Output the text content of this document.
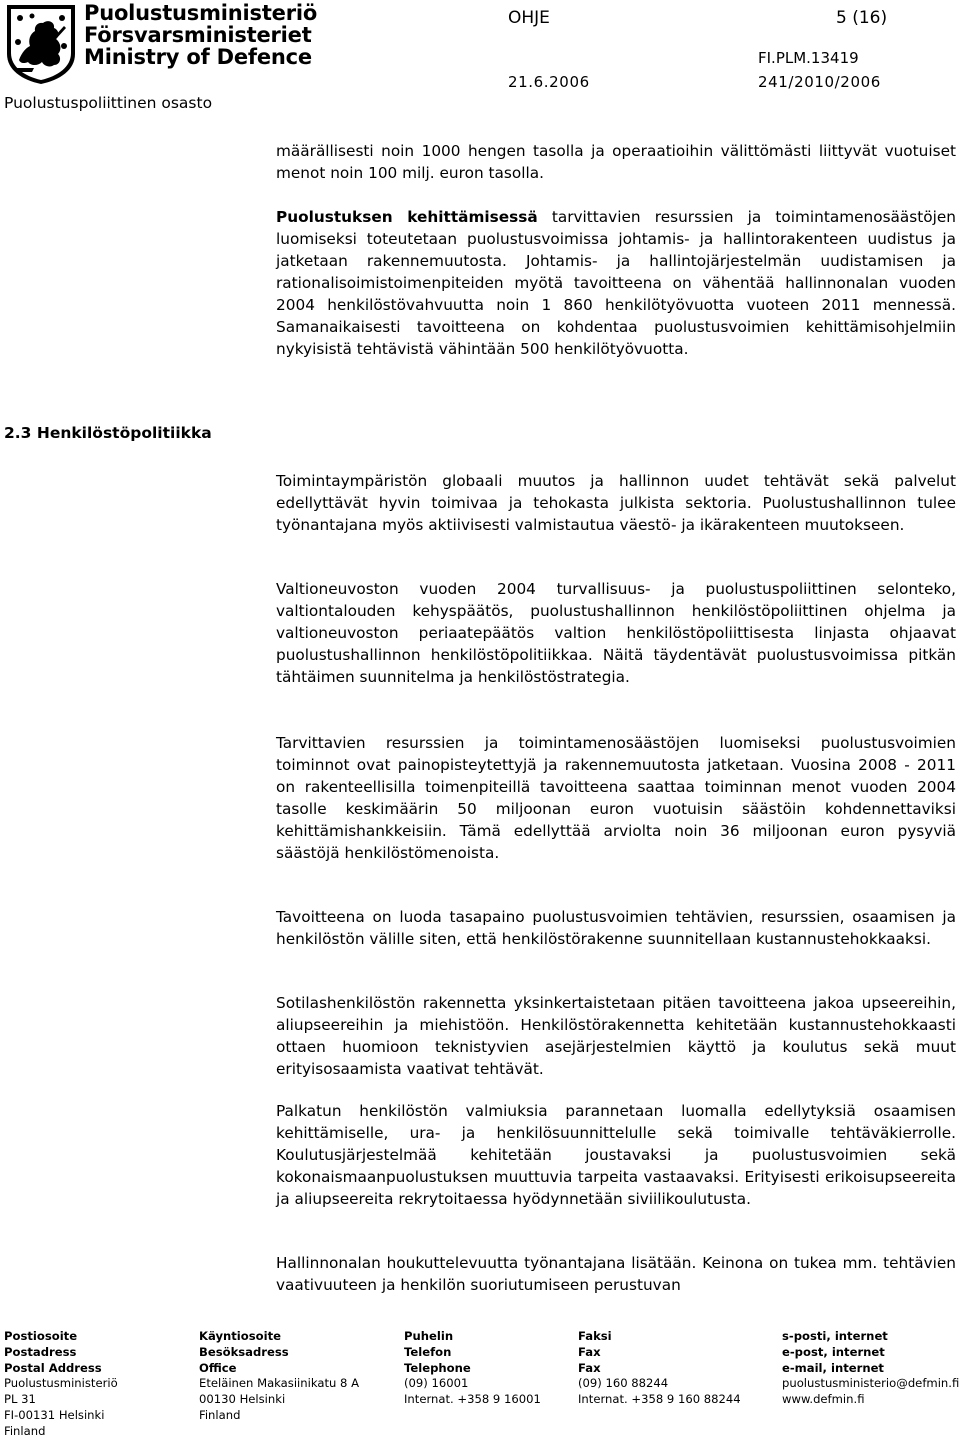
Puolustusministeriö
Försvarsministeriet
Ministry of Defence
Puolustuspoliittinen osasto
OHJE	5 (16)
FI.PLM.13419
21.6.2006	241/2010/2006
määrällisesti noin 1000 hengen tasolla ja operaatioihin välittömästi liittyvät vuotuiset menot noin 100 milj. euron tasolla.
Puolustuksen kehittämisessä tarvittavien resurssien ja toimintamenosäästöjen luomiseksi toteutetaan puolustusvoimissa johtamis- ja hallintorakenteen uudistus ja jatketaan rakennemuutosta. Johtamis- ja hallintojärjestelmän uudistamisen ja rationalisoimistoimenpiteiden myötä tavoitteena on vähentää hallinnonalan vuoden 2004 henkilöstövahvuutta noin 1 860 henkilötyövuotta vuoteen 2011 mennessä. Samanaikaisesti tavoitteena on kohdentaa puolustusvoimien kehittämisohjelmiin nykyisistä tehtävistä vähintään 500 henkilötyövuotta.
2.3 Henkilöstöpolitiikka
Toimintaympäristön globaali muutos ja hallinnon uudet tehtävät sekä palvelut edellyttävät hyvin toimivaa ja tehokasta julkista sektoria. Puolustushallinnon tulee työnantajana myös aktiivisesti valmistautua väestö- ja ikärakenteen muutokseen.
Valtioneuvoston vuoden 2004 turvallisuus- ja puolustuspoliittinen selonteko, valtiontalouden kehyspäätös, puolustushallinnon henkilöstöpoliittinen ohjelma ja valtioneuvoston periaatepäätös valtion henkilöstöpoliittisesta linjasta ohjaavat puolustushallinnon henkilöstöpolitiikkaa. Näitä täydentävät puolustusvoimissa pitkän tähtäimen suunnitelma ja henkilöstöstrategia.
Tarvittavien resurssien ja toimintamenosäästöjen luomiseksi puolustusvoimien toiminnot ovat painopisteytettyjä ja rakennemuutosta jatketaan. Vuosina 2008 - 2011 on rakenteellisilla toimenpiteillä tavoitteena saattaa toiminnan menot vuoden 2004 tasolle keskimäärin 50 miljoonan euron vuotuisin säästöin kohdennettaviksi kehittämishankkeisiin. Tämä edellyttää arviolta noin 36 miljoonan euron pysyviä säästöjä henkilöstömenoista.
Tavoitteena on luoda tasapaino puolustusvoimien tehtävien, resurssien, osaamisen ja henkilöstön välille siten, että henkilöstörakenne suunnitellaan kustannustehokkaaksi.
Sotilashenkilöstön rakennetta yksinkertaistetaan pitäen tavoitteena jakoa upseereihin, aliupseereihin ja miehistöön. Henkilöstörakennetta kehitetään kustannustehokkaasti ottaen huomioon teknistyvien asejärjestelmien käyttö ja koulutus sekä muut erityisosaamista vaativat tehtävät.
Palkatun henkilöstön valmiuksia parannetaan luomalla edellytyksiä osaamisen kehittämiselle, ura- ja henkilösuunnittelulle sekä toimivalle tehtäväkierrolle. Koulutusjärjestelmää kehitetään joustavaksi ja puolustusvoimien sekä kokonaismaanpuolustuksen muuttuvia tarpeita vastaavaksi. Erityisesti erikoisupseereita ja aliupseereita rekrytoitaessa hyödynnetään siviilikoulutusta.
Hallinnonalan houkuttelevuutta työnantajana lisätään. Keinona on tukea mm. tehtävien vaativuuteen ja henkilön suoriutumiseen perustuvan
Postiosoite
Postadress
Postal Address
Puolustusministeriö
PL 31
FI-00131 Helsinki
Finland
Käyntiosoite
Besöksadress
Office
Eteläinen Makasiinikatu 8 A
00130 Helsinki
Finland
Puhelin
Telefon
Telephone
(09) 16001
Internat. +358 9 16001
Faksi
Fax
Fax
(09) 160 88244
Internat. +358 9 160 88244
s-posti, internet
e-post, internet
e-mail, internet
puolustusministerio@defmin.fi
www.defmin.fi
